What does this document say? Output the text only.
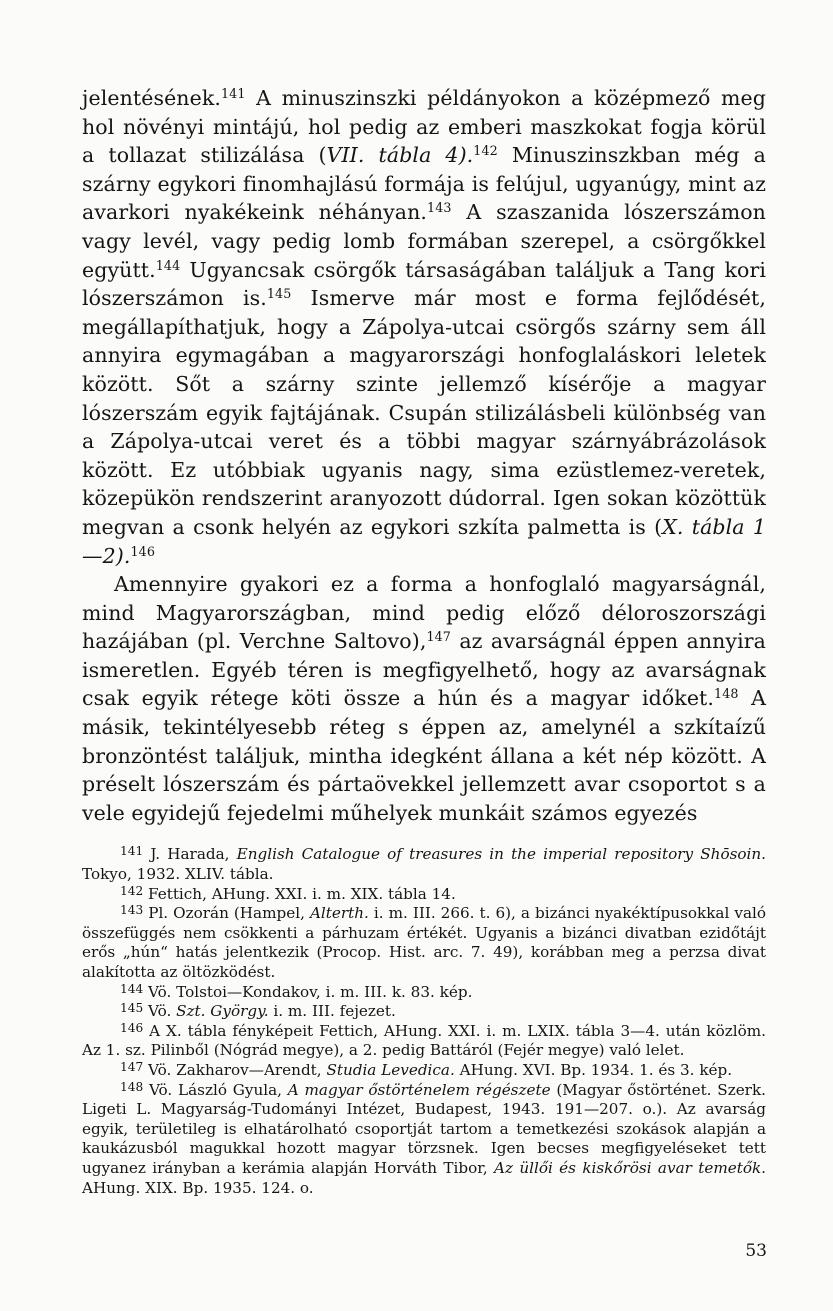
jelentésének.$^{141}$ A minuszinszki példányokon a középmező meg hol növényi mintájú, hol pedig az emberi maszkokat fogja körül a tollazat stilizálása (VII. tábla 4).$^{142}$ Minuszinszkban még a szárny egykori finomhajlású formája is felújul, ugyanúgy, mint az avarkori nyakékeink néhányan.$^{143}$ A szaszanida lószerszámon vagy levél, vagy pedig lomb formában szerepel, a csörgőkkel együtt.$^{144}$ Ugyancsak csörgők társaságában találjuk a Tang kori lószerszámon is.$^{145}$ Ismerve már most e forma fejlődését, megállapíthatjuk, hogy a Zápolya-utcai csörgős szárny sem áll annyira egymagában a magyarországi honfoglaláskori leletek között. Sőt a szárny szinte jellemző kísérője a magyar lószerszám egyik fajtájának. Csupán stilizálásbeli különbség van a Zápolya-utcai veret és a többi magyar szárnyábrázolások között. Ez utóbbiak ugyanis nagy, sima ezüstlemez-veretek, közepükön rendszerint aranyozott dúdorral. Igen sokan közöttük megvan a csonk helyén az egykori szkíta palmetta is (X. tábla 1—2).$^{146}$

Amennyire gyakori ez a forma a honfoglaló magyarságnál, mind Magyarországban, mind pedig előző déloroszországi hazájában (pl. Verchne Saltovo),$^{147}$ az avarságnál éppen annyira ismeretlen. Egyéb téren is megfigyelhető, hogy az avarságnak csak egyik rétege köti össze a hún és a magyar időket.$^{148}$ A másik, tekintélyesebb réteg s éppen az, amelynél a szkítaízű bronzöntést találjuk, mintha idegként állana a két nép között. A préselt lószerszám és pártaövekkel jellemzett avar csoportot s a vele egyidejű fejedelmi műhelyek munkáit számos egyezés

$^{141}$ J. Harada, English Catalogue of treasures in the imperial repository Shōsoin. Tokyo, 1932. XLIV. tábla.

$^{142}$ Fettich, AHung. XXI. i. m. XIX. tábla 14.

$^{143}$ Pl. Ozorán (Hampel, Alterth. i. m. III. 266. t. 6), a bizánci nyakéktípusokkal való összefüggés nem csökkenti a párhuzam értékét. Ugyanis a bizánci divatban ezidőtájt erős „hún“ hatás jelentkezik (Procop. Hist. arc. 7. 49), korábban meg a perzsa divat alakította az öltözködést.

$^{144}$ Vö. Tolstoi—Kondakov, i. m. III. k. 83. kép.

$^{145}$ Vö. Szt. György. i. m. III. fejezet.

$^{146}$ A X. tábla fényképeit Fettich, AHung. XXI. i. m. LXIX. tábla 3—4. után közlöm. Az 1. sz. Pilinből (Nógrád megye), a 2. pedig Battáról (Fejér megye) való lelet.

$^{147}$ Vö. Zakharov—Arendt, Studia Levedica. AHung. XVI. Bp. 1934. 1. és 3. kép.

$^{148}$ Vö. László Gyula, A magyar őstörténelem régészete (Magyar őstörténet. Szerk. Ligeti L. Magyarság-Tudományi Intézet, Budapest, 1943. 191—207. o.). Az avarság egyik, területileg is elhatárolható csoportját tartom a temetkezési szokások alapján a kaukázusból magukkal hozott magyar törzsnek. Igen becses megfigyeléseket tett ugyanez irányban a kerámia alapján Horváth Tibor, Az üllői és kiskőrösi avar temetők. AHung. XIX. Bp. 1935. 124. o.

53
